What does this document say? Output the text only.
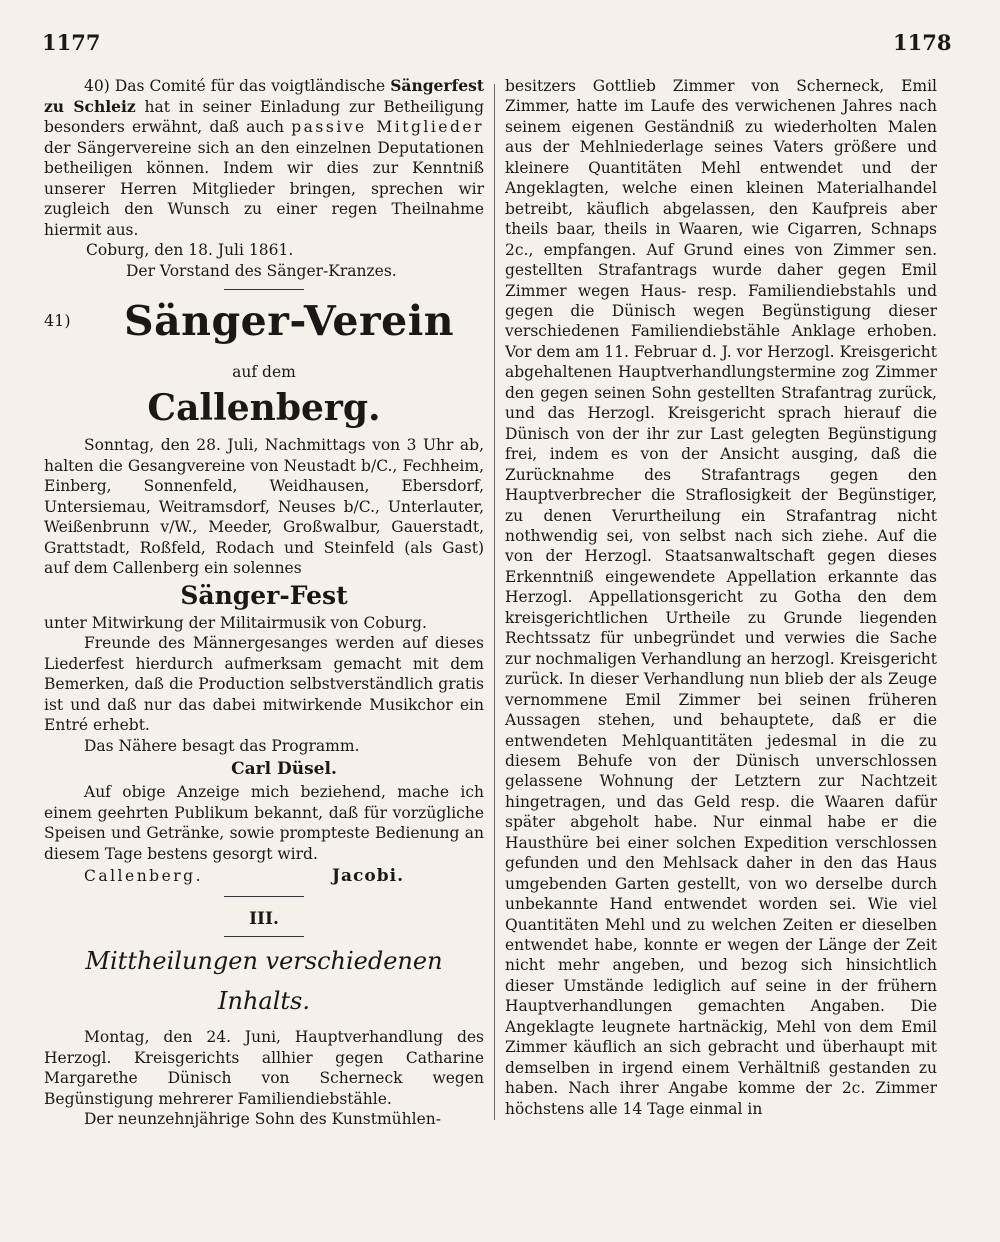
1177	1178

40) Das Comité für das voigtländische Sängerfest zu Schleiz hat in seiner Einladung zur Betheiligung besonders erwähnt, daß auch passive Mitglieder der Sängervereine sich an den einzelnen Deputationen betheiligen können. Indem wir dies zur Kenntniß unserer Herren Mitglieder bringen, sprechen wir zugleich den Wunsch zu einer regen Theilnahme hiermit aus.

Coburg, den 18. Juli 1861.

Der Vorstand des Sänger-Kranzes.

41) Sänger-Verein
auf dem
Callenberg.

Sonntag, den 28. Juli, Nachmittags von 3 Uhr ab, halten die Gesangvereine von Neustadt b/C., Fechheim, Einberg, Sonnenfeld, Weidhausen, Ebersdorf, Untersiemau, Weitramsdorf, Neuses b/C., Unterlauter, Weißenbrunn v/W., Meeder, Großwalbur, Gauerstadt, Grattstadt, Roßfeld, Rodach und Steinfeld (als Gast) auf dem Callenberg ein solennes

Sänger-Fest

unter Mitwirkung der Militairmusik von Coburg.

Freunde des Männergesanges werden auf dieses Liederfest hierdurch aufmerksam gemacht mit dem Bemerken, daß die Production selbstverständlich gratis ist und daß nur das dabei mitwirkende Musikchor ein Entré erhebt.

Das Nähere besagt das Programm.

Carl Düsel.

Auf obige Anzeige mich beziehend, mache ich einem geehrten Publikum bekannt, daß für vorzügliche Speisen und Getränke, sowie prompteste Bedienung an diesem Tage bestens gesorgt wird.

Callenberg.	Jacobi.
III.
Mittheilungen verschiedenen Inhalts.

Montag, den 24. Juni, Hauptverhandlung des Herzogl. Kreisgerichts allhier gegen Catharine Margarethe Dünisch von Scherneck wegen Begünstigung mehrerer Familiendiebstähle.

Der neunzehnjährige Sohn des Kunstmühlen-

besitzers Gottlieb Zimmer von Scherneck, Emil Zimmer, hatte im Laufe des verwichenen Jahres nach seinem eigenen Geständniß zu wiederholten Malen aus der Mehlniederlage seines Vaters größere und kleinere Quantitäten Mehl entwendet und der Angeklagten, welche einen kleinen Materialhandel betreibt, käuflich abgelassen, den Kaufpreis aber theils baar, theils in Waaren, wie Cigarren, Schnaps 2c., empfangen. Auf Grund eines von Zimmer sen. gestellten Strafantrags wurde daher gegen Emil Zimmer wegen Haus- resp. Familiendiebstahls und gegen die Dünisch wegen Begünstigung dieser verschiedenen Familiendiebstähle Anklage erhoben. Vor dem am 11. Februar d. J. vor Herzogl. Kreisgericht abgehaltenen Hauptverhandlungstermine zog Zimmer den gegen seinen Sohn gestellten Strafantrag zurück, und das Herzogl. Kreisgericht sprach hierauf die Dünisch von der ihr zur Last gelegten Begünstigung frei, indem es von der Ansicht ausging, daß die Zurücknahme des Strafantrags gegen den Hauptverbrecher die Straflosigkeit der Begünstiger, zu denen Verurtheilung ein Strafantrag nicht nothwendig sei, von selbst nach sich ziehe. Auf die von der Herzogl. Staatsanwaltschaft gegen dieses Erkenntniß eingewendete Appellation erkannte das Herzogl. Appellationsgericht zu Gotha den dem kreisgerichtlichen Urtheile zu Grunde liegenden Rechtssatz für unbegründet und verwies die Sache zur nochmaligen Verhandlung an herzogl. Kreisgericht zurück. In dieser Verhandlung nun blieb der als Zeuge vernommene Emil Zimmer bei seinen früheren Aussagen stehen, und behauptete, daß er die entwendeten Mehlquantitäten jedesmal in die zu diesem Behufe von der Dünisch unverschlossen gelassene Wohnung der Letztern zur Nachtzeit hingetragen, und das Geld resp. die Waaren dafür später abgeholt habe. Nur einmal habe er die Hausthüre bei einer solchen Expedition verschlossen gefunden und den Mehlsack daher in den das Haus umgebenden Garten gestellt, von wo derselbe durch unbekannte Hand entwendet worden sei. Wie viel Quantitäten Mehl und zu welchen Zeiten er dieselben entwendet habe, konnte er wegen der Länge der Zeit nicht mehr angeben, und bezog sich hinsichtlich dieser Umstände lediglich auf seine in der frühern Hauptverhandlungen gemachten Angaben. Die Angeklagte leugnete hartnäckig, Mehl von dem Emil Zimmer käuflich an sich gebracht und überhaupt mit demselben in irgend einem Verhältniß gestanden zu haben. Nach ihrer Angabe komme der 2c. Zimmer höchstens alle 14 Tage einmal in
